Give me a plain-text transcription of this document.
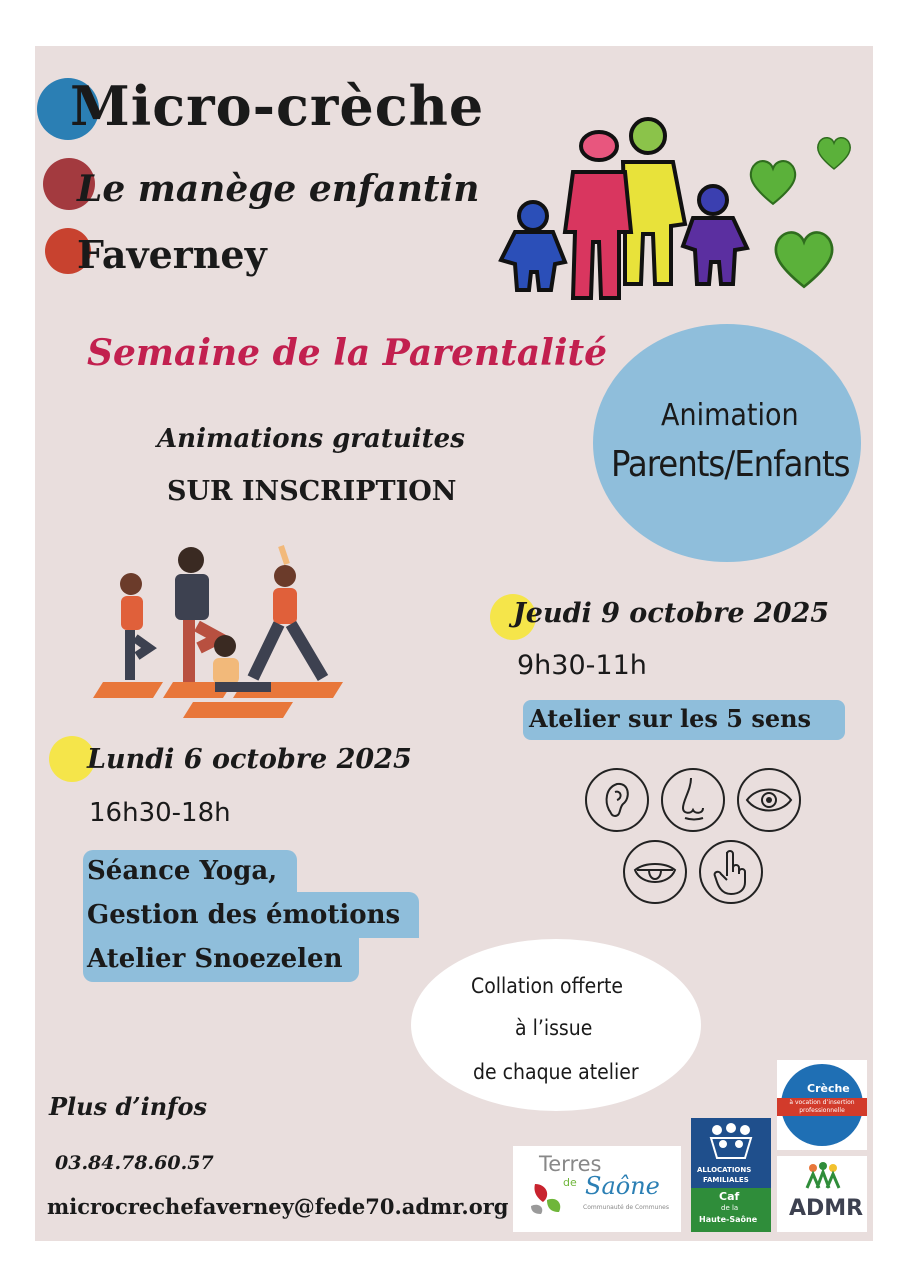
Micro-crèche
Le manège enfantin
Faverney
Semaine de la Parentalité
Animation
Parents/Enfants
Animations gratuites
SUR INSCRIPTION
Jeudi 9 octobre 2025
9h30-11h
Atelier sur les 5 sens
Lundi 6 octobre 2025
16h30-18h
Séance Yoga,
Gestion des émotions
Atelier Snoezelen
Collation offerte
à l’issue
de chaque atelier
Plus d’infos
03.84.78.60.57
microcrechefaverney@fede70.admr.org
Terres
de Saône
Communauté de Communes
ALLOCATIONS
FAMILIALES
Caf
de la
Haute-Saône
Crèche
à vocation d’insertion professionnelle
ADMR
